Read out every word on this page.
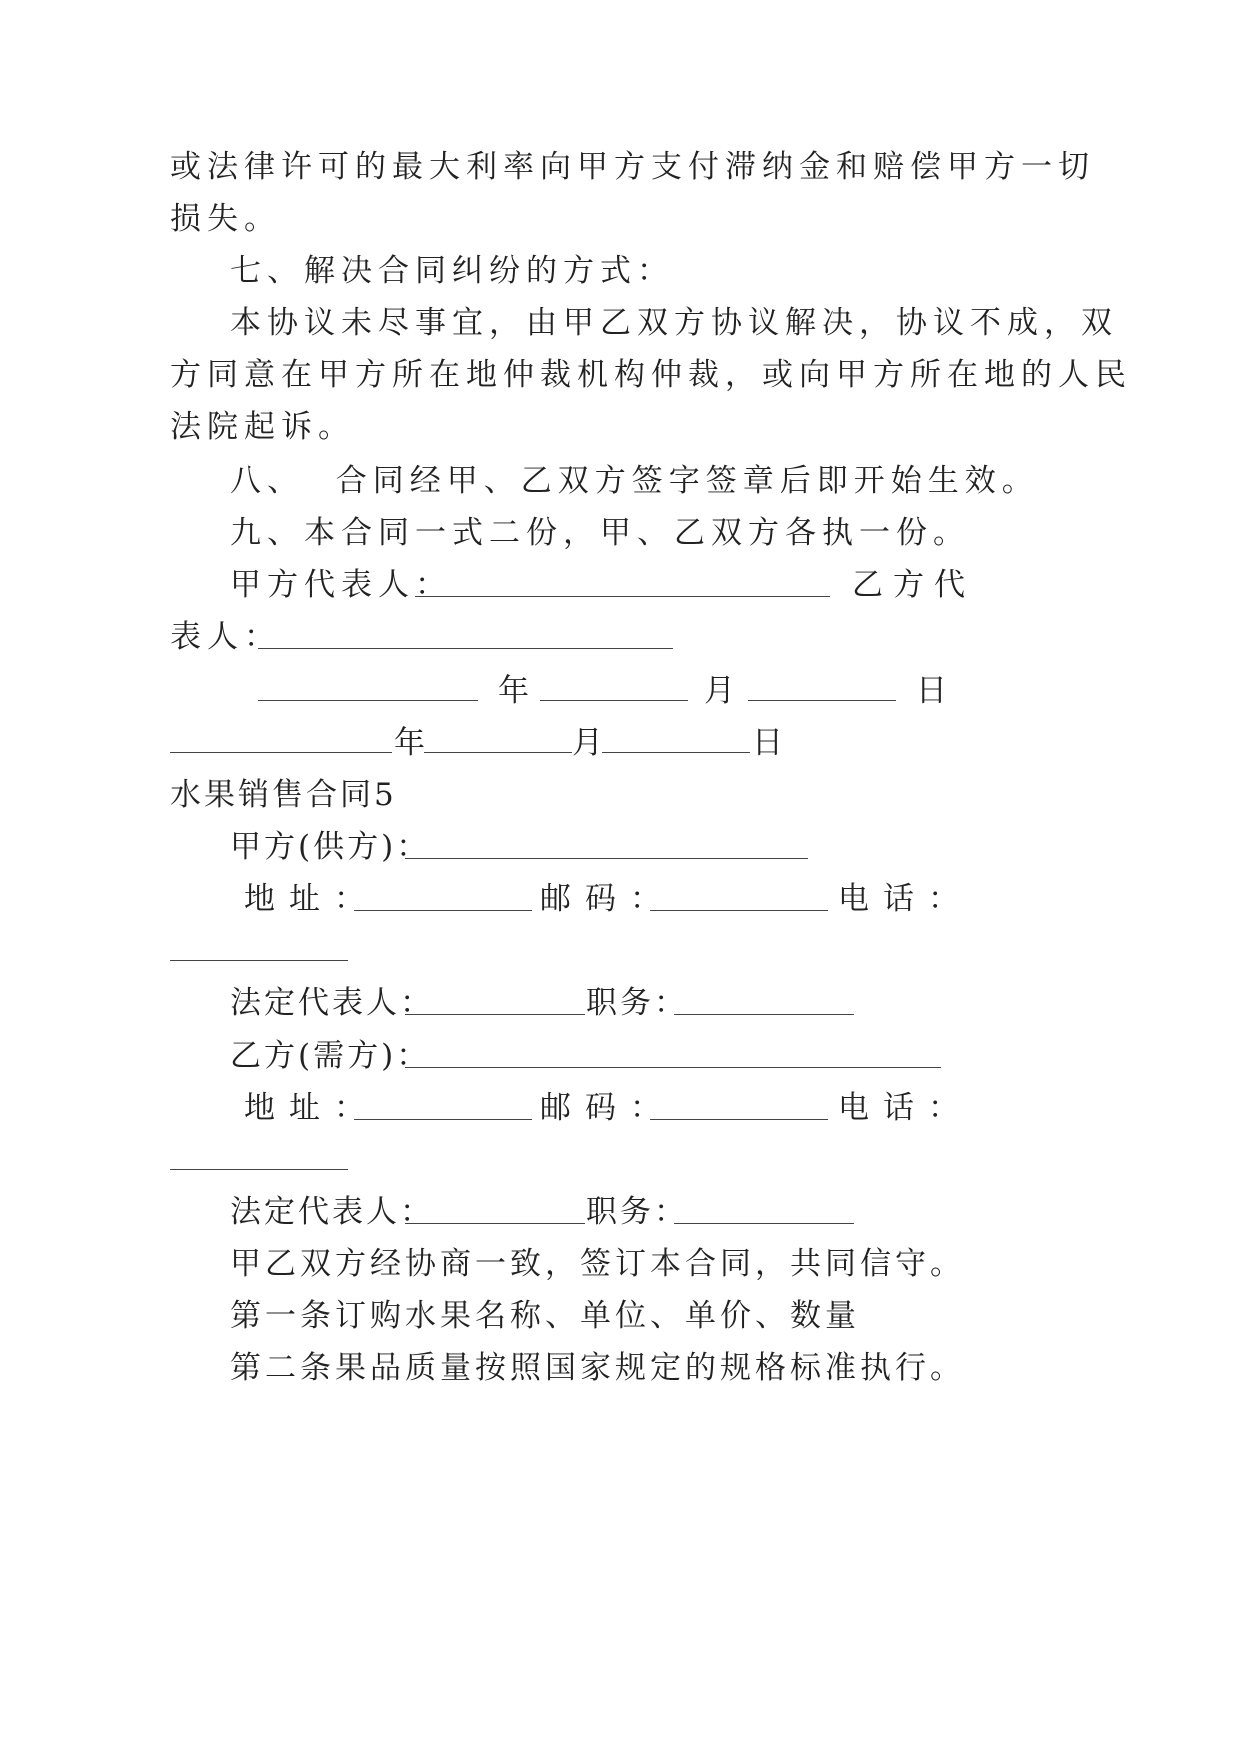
或法律许可的最大利率向甲方支付滞纳金和赔偿甲方一切
损失。
七、解决合同纠纷的方式：
本协议未尽事宜，由甲乙双方协议解决，协议不成，双
方同意在甲方所在地仲裁机构仲裁，或向甲方所在地的人民
法院起诉。
八、  合同经甲、乙双方签字签章后即开始生效。
九、本合同一式二份，甲、乙双方各执一份。
甲方代表人：	乙方代
表人：
年	月	日
年	月	日
水果销售合同5
甲方(供方)：
地址：	邮码：	电话：
法定代表人：	职务：
乙方(需方)：
地址：	邮码：	电话：
法定代表人：	职务：
甲乙双方经协商一致，签订本合同，共同信守。
第一条订购水果名称、单位、单价、数量
第二条果品质量按照国家规定的规格标准执行。
